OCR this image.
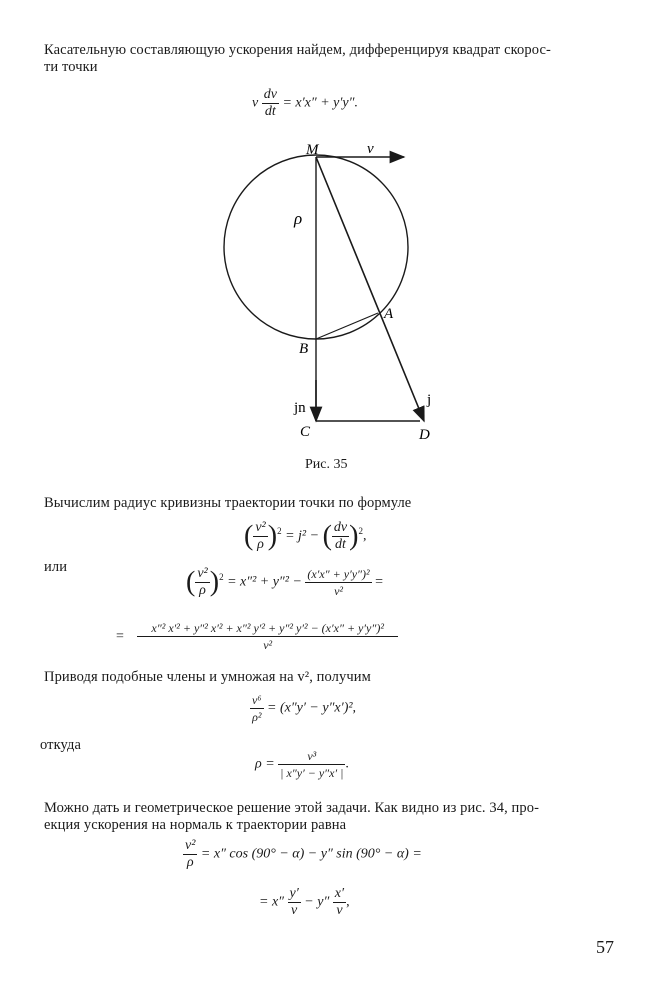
Касательную составляющую ускорения найдем, дифференцируя квадрат скорос-
ти точки
v $\frac{dv}{dt} = x'x'' + y'y''$.
M	v
ρ
A
B
jn	j
C	D
Рис. 35
Вычислим радиус кривизны траектории точки по формуле
( $\frac{\text{v²}}{\rho} )^2 = j^2$ − ( $\frac{dv}{dt} )^2$,
или	( $\frac{\text{v²}}{\rho} )^2 = x''^2 + y''^2 - \frac{\text{(x′x″ + y′y″)²}}{\text{v²}}$ =
= $\frac{\text{x″² x′² + y″² x′² + x″² y′² + y″² y′² − (x′x″ + y′y″)²}}{\text{v²}}$
Приводя подобные члены и умножая на v², получим
$\frac{\text{v⁶}}{\text{ρ²}} = (x''y' - y''x')^2$,
откуда
$\rho = \frac{\text{v³}}{| x''y' - y''x' |}$ .
Можно дать и геометрическое решение этой задачи. Как видно из рис. 34, про-
екция ускорения на нормаль к траектории равна
$\frac{\text{v²}}{\rho} = x''$ cos (90° − α) − y″ sin (90° − α) =
= $x'' \frac{y'}{v} - y'' \frac{x'}{v}$ ,
57
